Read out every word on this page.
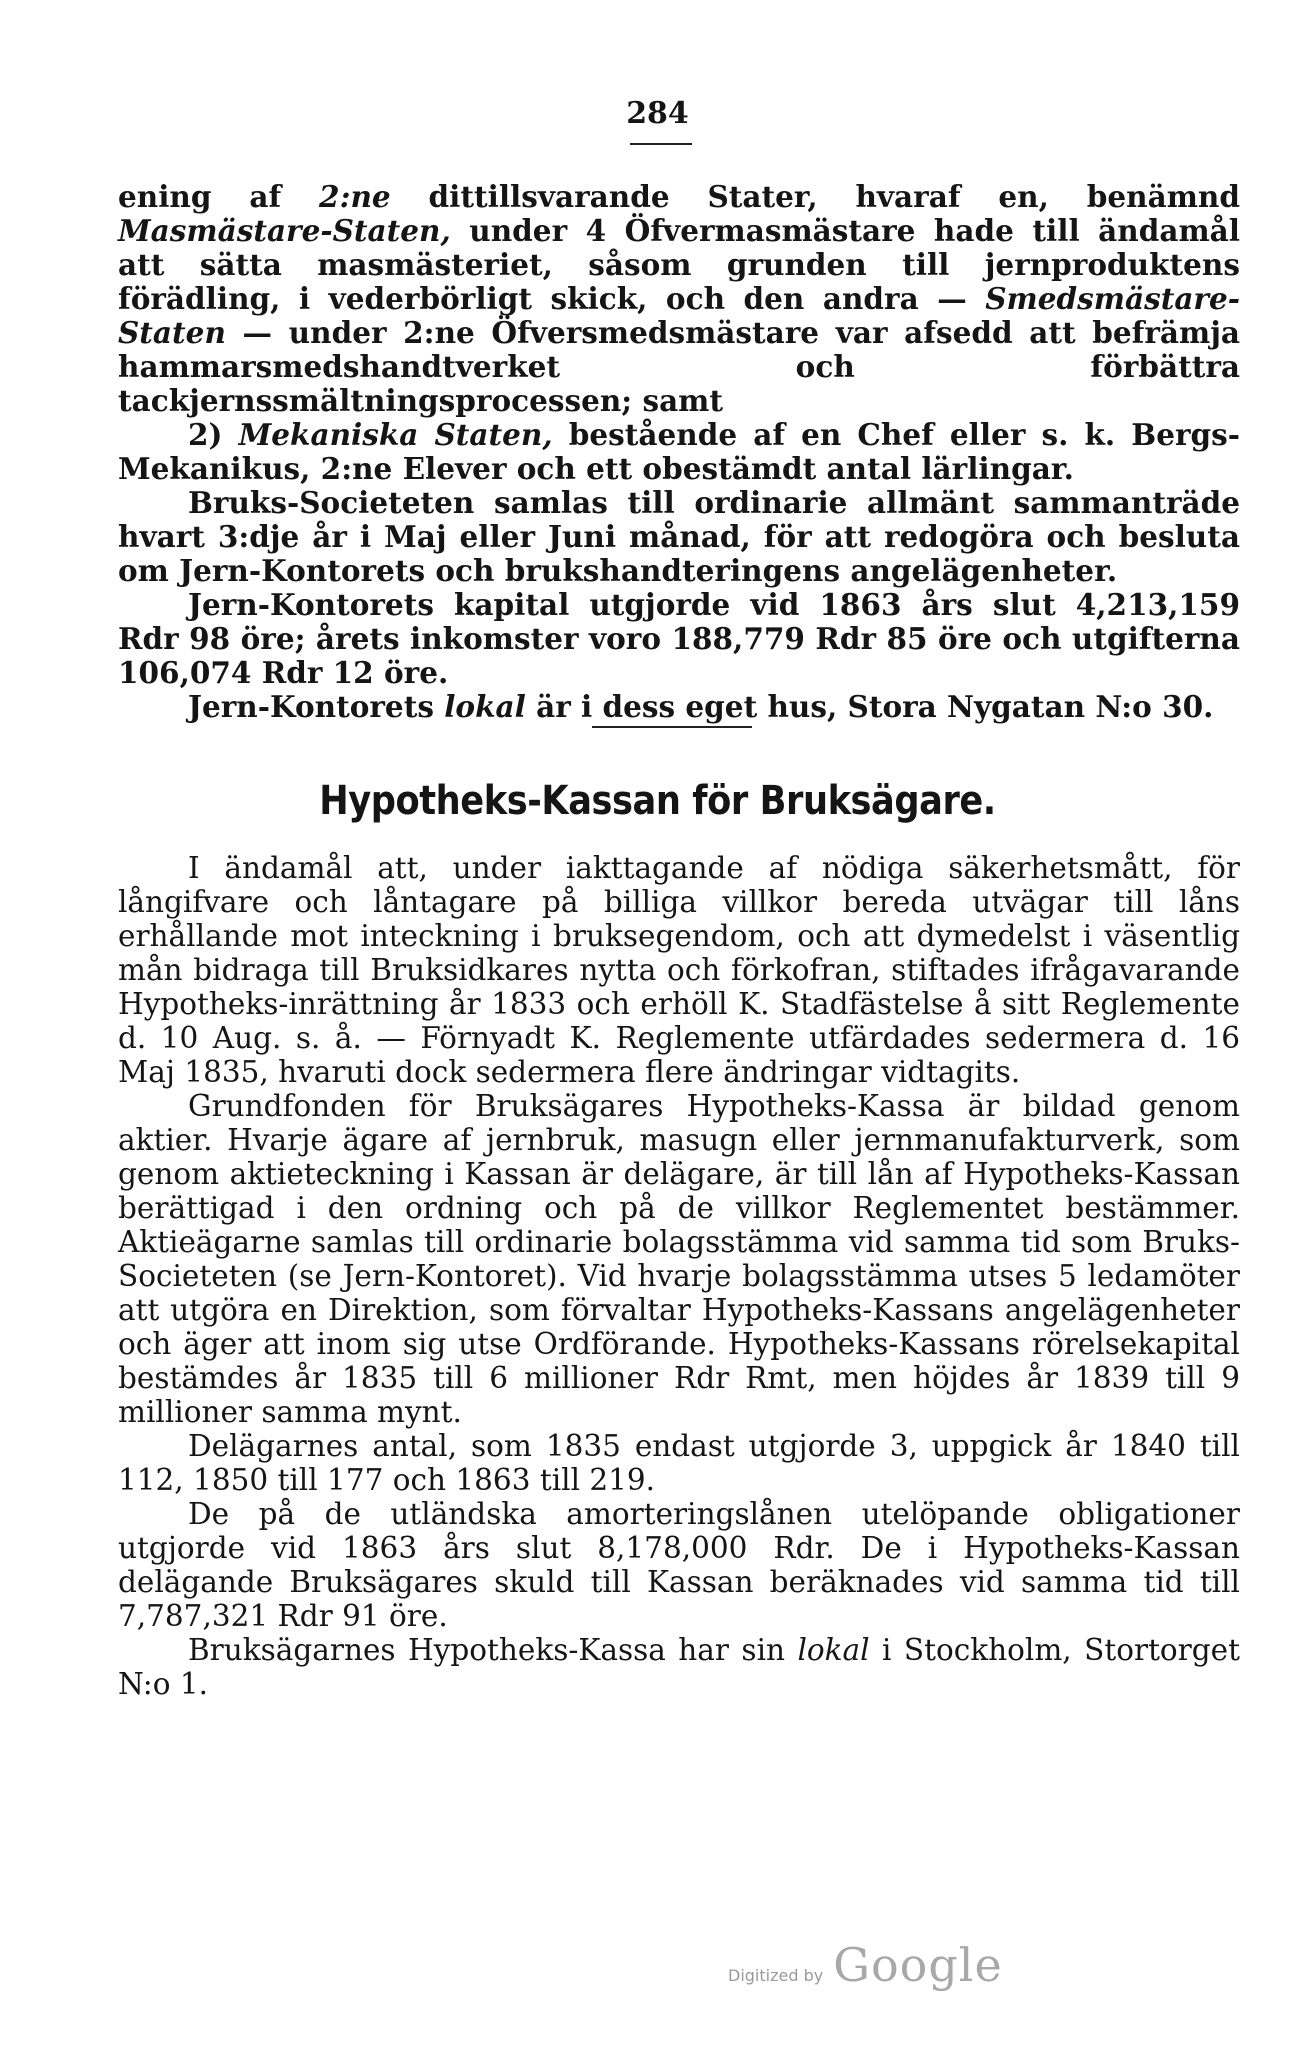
284

ening af 2:ne dittillsvarande Stater, hvaraf en, benämnd Masmästare-Staten, under 4 Öfvermasmästare hade till ändamål att sätta masmästeriet, såsom grunden till jernproduktens förädling, i vederbörligt skick, och den andra — Smedsmästare-Staten — under 2:ne Öfversmedsmästare var afsedd att befrämja hammarsmedshandtverket och förbättra tackjernssmältningsprocessen; samt

2) Mekaniska Staten, bestående af en Chef eller s. k. Bergs-Mekanikus, 2:ne Elever och ett obestämdt antal lärlingar.

Bruks-Societeten samlas till ordinarie allmänt sammanträde hvart 3:dje år i Maj eller Juni månad, för att redogöra och besluta om Jern-Kontorets och brukshandteringens angelägenheter.

Jern-Kontorets kapital utgjorde vid 1863 års slut 4,213,159 Rdr 98 öre; årets inkomster voro 188,779 Rdr 85 öre och utgifterna 106,074 Rdr 12 öre.

Jern-Kontorets lokal är i dess eget hus, Stora Nygatan N:o 30.

Hypotheks-Kassan för Bruksägare.

I ändamål att, under iakttagande af nödiga säkerhetsmått, för långifvare och låntagare på billiga villkor bereda utvägar till låns erhållande mot inteckning i bruksegendom, och att dymedelst i väsentlig mån bidraga till Bruksidkares nytta och förkofran, stiftades ifrågavarande Hypotheks-inrättning år 1833 och erhöll K. Stadfästelse å sitt Reglemente d. 10 Aug. s. å. — Förnyadt K. Reglemente utfärdades sedermera d. 16 Maj 1835, hvaruti dock sedermera flere ändringar vidtagits.

Grundfonden för Bruksägares Hypotheks-Kassa är bildad genom aktier. Hvarje ägare af jernbruk, masugn eller jernmanufakturverk, som genom aktieteckning i Kassan är delägare, är till lån af Hypotheks-Kassan berättigad i den ordning och på de villkor Reglementet bestämmer. Aktieägarne samlas till ordinarie bolagsstämma vid samma tid som Bruks-Societeten (se Jern-Kontoret). Vid hvarje bolagsstämma utses 5 ledamöter att utgöra en Direktion, som förvaltar Hypotheks-Kassans angelägenheter och äger att inom sig utse Ordförande. Hypotheks-Kassans rörelsekapital bestämdes år 1835 till 6 millioner Rdr Rmt, men höjdes år 1839 till 9 millioner samma mynt.

Delägarnes antal, som 1835 endast utgjorde 3, uppgick år 1840 till 112, 1850 till 177 och 1863 till 219.

De på de utländska amorteringslånen utelöpande obligationer utgjorde vid 1863 års slut 8,178,000 Rdr. De i Hypotheks-Kassan delägande Bruksägares skuld till Kassan beräknades vid samma tid till 7,787,321 Rdr 91 öre.

Bruksägarnes Hypotheks-Kassa har sin lokal i Stockholm, Stortorget N:o 1.

Digitized by Google
